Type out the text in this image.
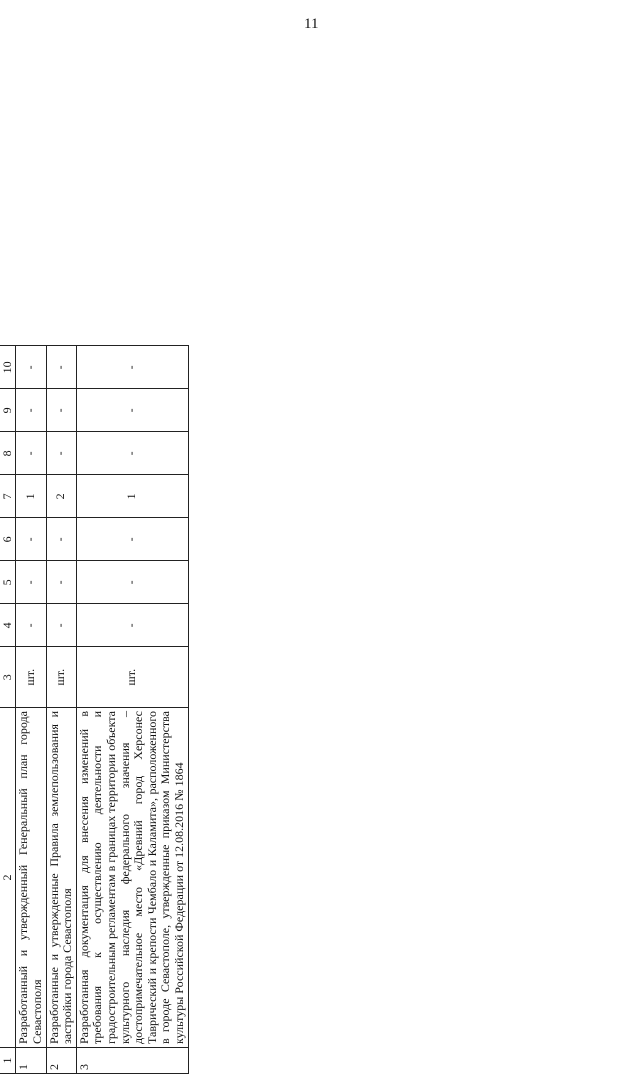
11

1	2	3	4	5	6	7	8	9	10
1	Разработанный и утвержденный Генеральный план города Севастополя	шт.	-	-	-	1	-	-	-
2	Разработанные и утвержденные Правила землепользования и застройки города Севастополя	шт.	-	-	-	2	-	-	-
3	Разработанная документация для внесения изменений в требования к осуществлению деятельности и градостроительным регламентам в границах территории объекта культурного наследия федерального значения – достопримечательное место «Древний город Херсонес Таврический и крепости Чембало и Каламита», расположенного в городе Севастополе, утвержденные приказом Министерства культуры Российской Федерации от 12.08.2016 № 1864	шт.	-	-	-	1	-	-	-
